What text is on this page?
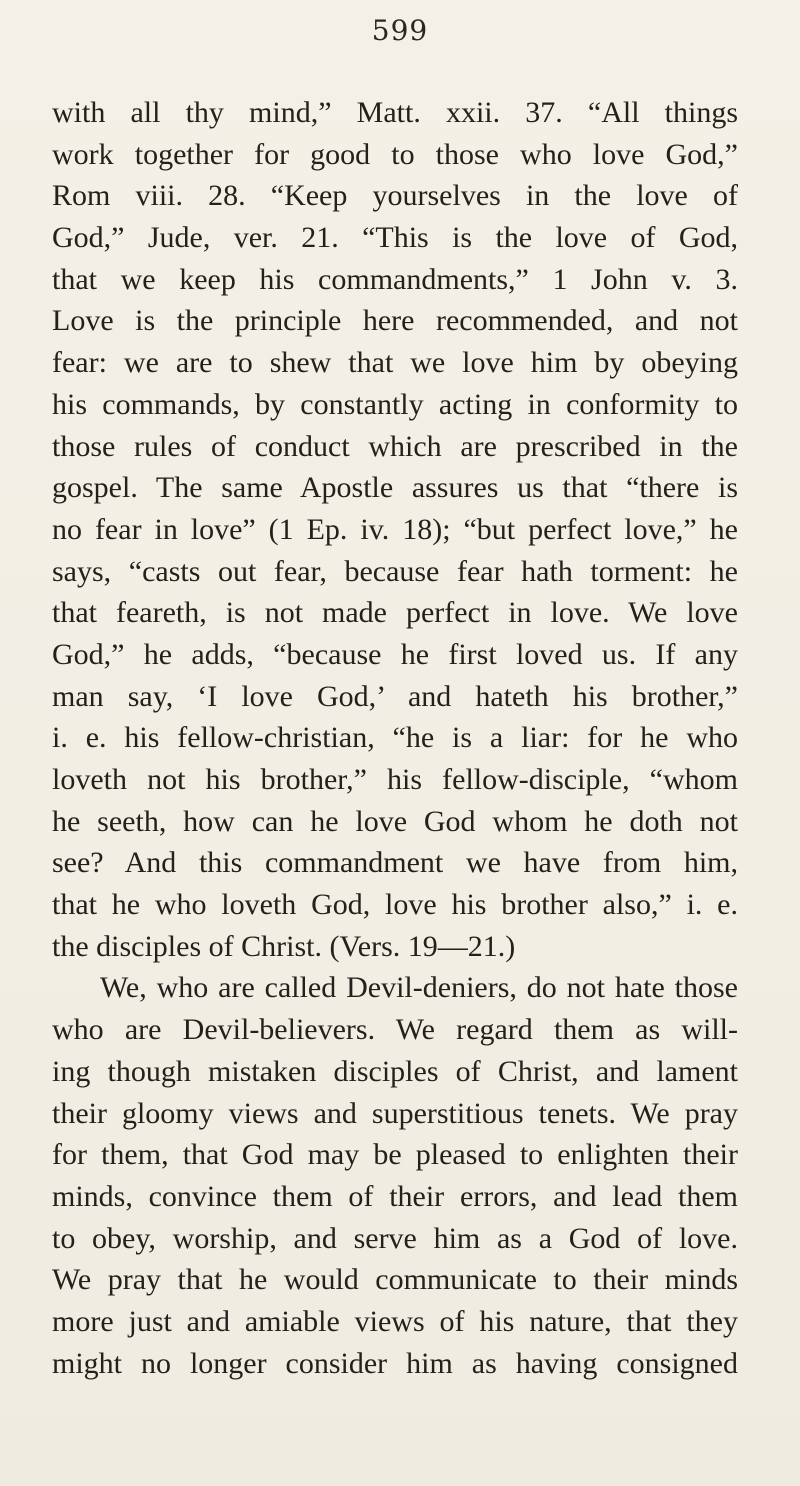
599
with all thy mind,” Matt. xxii. 37. “All things
work together for good to those who love God,”
Rom viii. 28. “Keep yourselves in the love of
God,” Jude, ver. 21. “This is the love of God,
that we keep his commandments,” 1 John v. 3.
Love is the principle here recommended, and not
fear: we are to shew that we love him by obeying
his commands, by constantly acting in conformity to
those rules of conduct which are prescribed in the
gospel. The same Apostle assures us that “there is
no fear in love” (1 Ep. iv. 18); “but perfect love,” he
says, “casts out fear, because fear hath torment: he
that feareth, is not made perfect in love. We love
God,” he adds, “because he first loved us. If any
man say, ‘I love God,’ and hateth his brother,”
i. e. his fellow-christian, “he is a liar: for he who
loveth not his brother,” his fellow-disciple, “whom
he seeth, how can he love God whom he doth not
see? And this commandment we have from him,
that he who loveth God, love his brother also,” i. e.
the disciples of Christ. (Vers. 19—21.)
We, who are called Devil-deniers, do not hate those
who are Devil-believers. We regard them as will-
ing though mistaken disciples of Christ, and lament
their gloomy views and superstitious tenets. We pray
for them, that God may be pleased to enlighten their
minds, convince them of their errors, and lead them
to obey, worship, and serve him as a God of love.
We pray that he would communicate to their minds
more just and amiable views of his nature, that they
might no longer consider him as having consigned
